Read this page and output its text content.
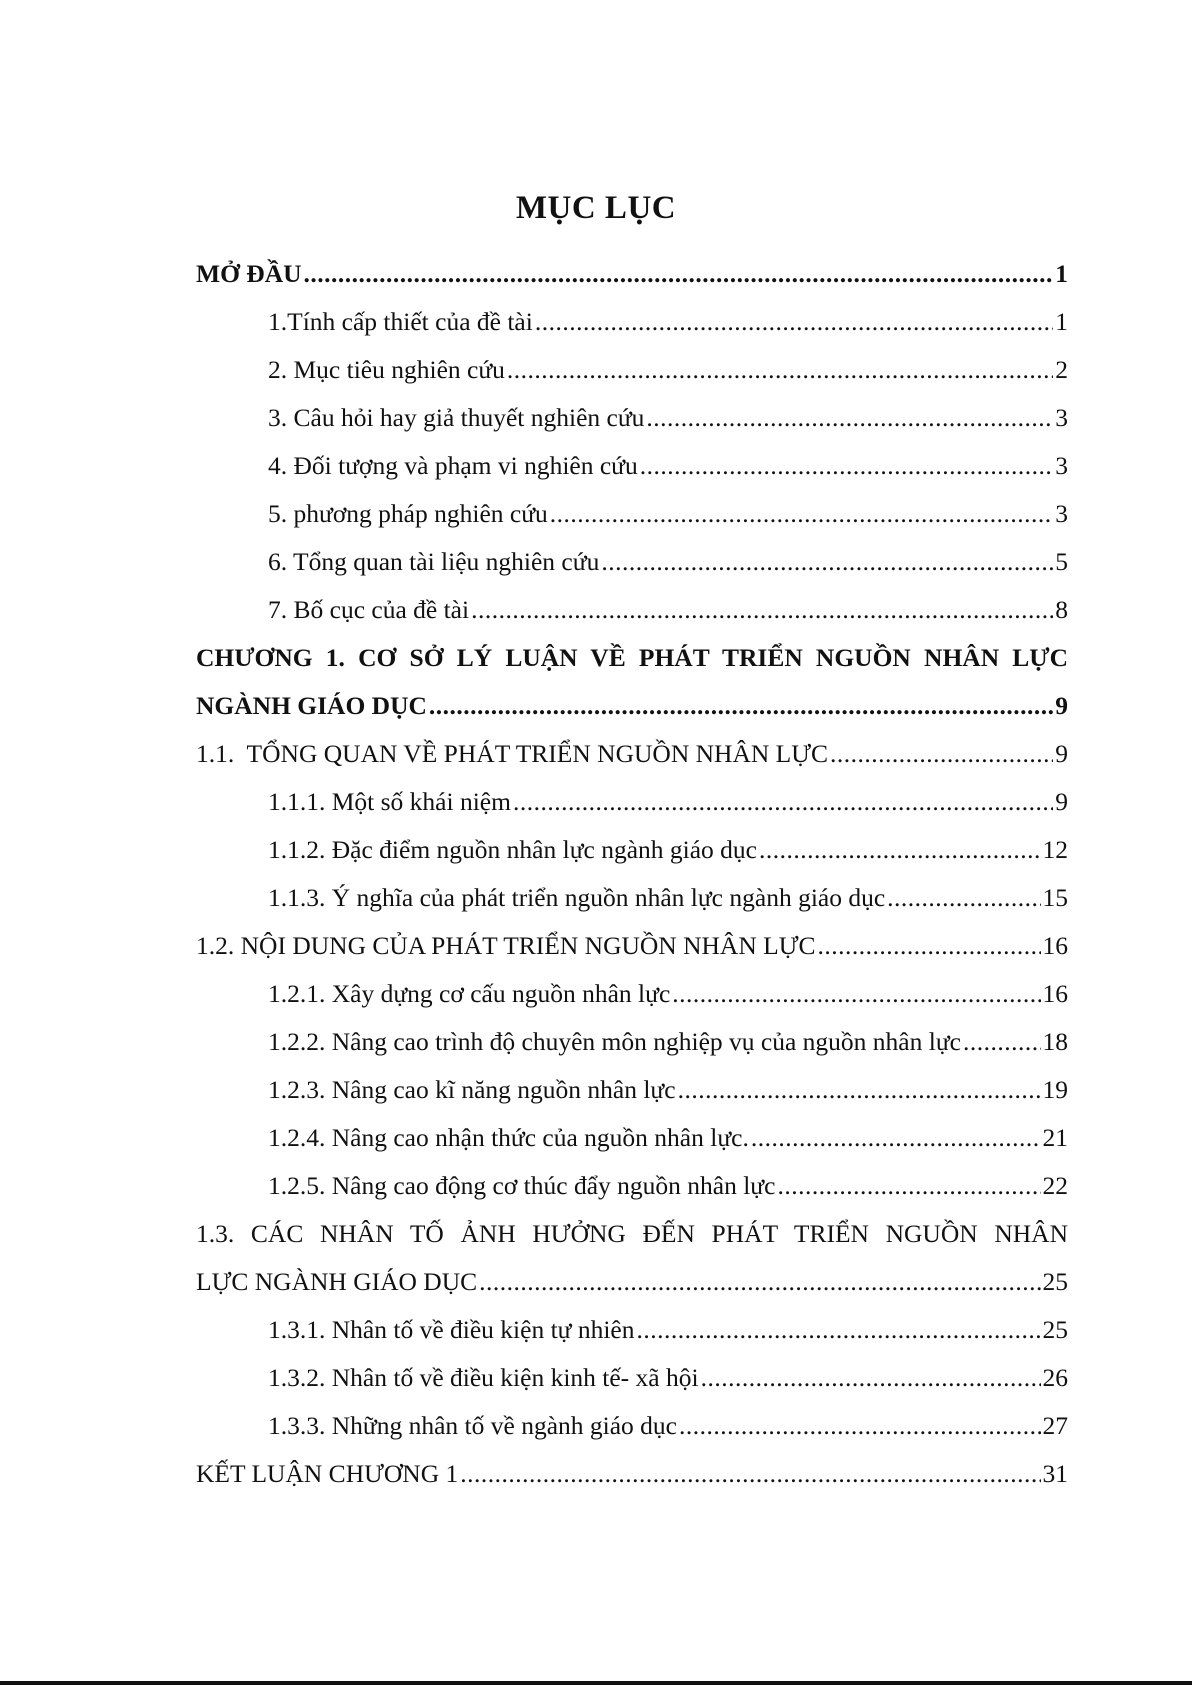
MỤC LỤC
MỞ ĐẦU .....	1
1.Tính cấp thiết của đề tài .....	1
2. Mục tiêu nghiên cứu .....	2
3. Câu hỏi hay giả thuyết nghiên cứu .....	3
4. Đối tượng và phạm vi nghiên cứu .....	3
5. phương pháp nghiên cứu .....	3
6. Tổng quan tài liệu nghiên cứu .....	5
7. Bố cục của đề tài .....	8
CHƯƠNG 1. CƠ SỞ LÝ LUẬN VỀ PHÁT TRIỂN NGUỒN NHÂN LỰC
NGÀNH GIÁO DỤC .....	9
1.1.  TỔNG QUAN VỀ PHÁT TRIỂN NGUỒN NHÂN LỰC .....	9
1.1.1. Một số khái niệm .....	9
1.1.2. Đặc điểm nguồn nhân lực ngành giáo dục .....	12
1.1.3. Ý nghĩa của phát triển nguồn nhân lực ngành giáo dục .....	15
1.2. NỘI DUNG CỦA PHÁT TRIỂN NGUỒN NHÂN LỰC .....	16
1.2.1. Xây dựng cơ cấu nguồn nhân lực .....	16
1.2.2. Nâng cao trình độ chuyên môn nghiệp vụ của nguồn nhân lực .....	18
1.2.3. Nâng cao kĩ năng nguồn nhân lực .....	19
1.2.4. Nâng cao nhận thức của nguồn nhân lực. .....	21
1.2.5. Nâng cao động cơ thúc đẩy nguồn nhân lực .....	22
1.3. CÁC NHÂN TỐ ẢNH HƯỞNG ĐẾN PHÁT TRIỂN NGUỒN NHÂN
LỰC NGÀNH GIÁO DỤC .....	25
1.3.1. Nhân tố về điều kiện tự nhiên .....	25
1.3.2. Nhân tố về điều kiện kinh tế- xã hội .....	26
1.3.3. Những nhân tố về ngành giáo dục .....	27
KẾT LUẬN CHƯƠNG 1 .....	31
